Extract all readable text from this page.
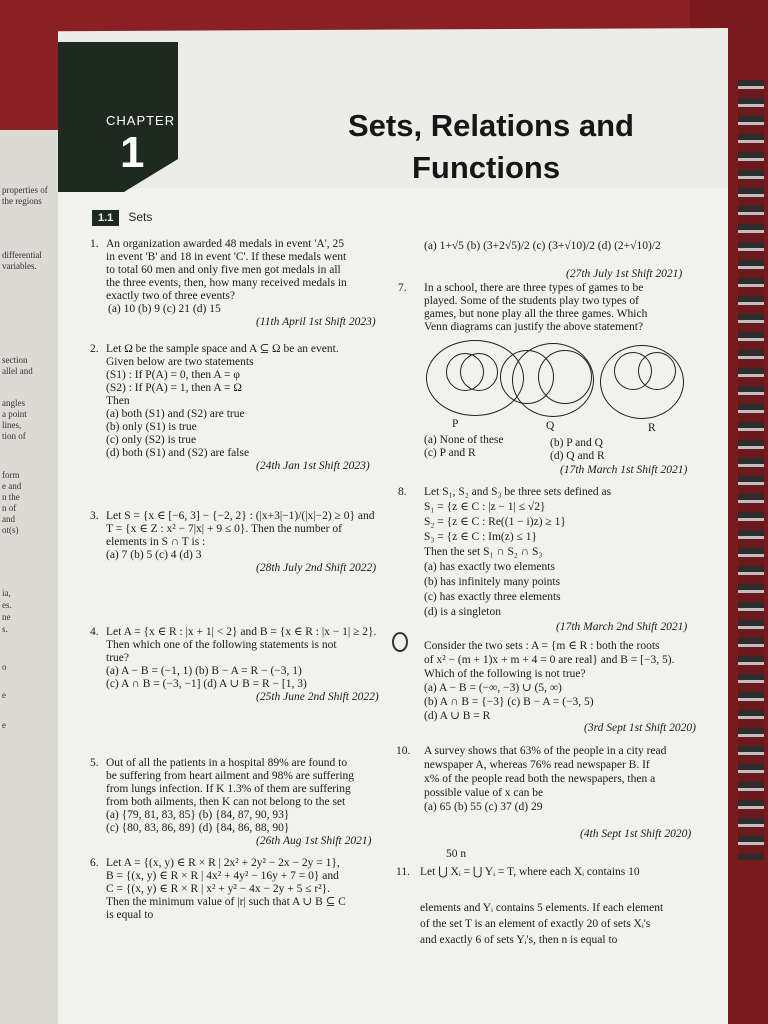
properties of
the regions
differential
variables.
section
allel and
angles
a point
lines,
tion of
form
e and
n the
n of
and
ot(s)
ia,
es.
ne
s.
o
e
e
CHAPTER
1
Sets, Relations and
Functions
1.1 Sets
1. An organization awarded 48 medals in event 'A', 25
in event 'B' and 18 in event 'C'. If these medals went
to total 60 men and only five men got medals in all
the three events, then, how many received medals in
exactly two of three events?
(a) 10 (b) 9 (c) 21 (d) 15
(11th April 1st Shift 2023)
2. Let Ω be the sample space and A ⊆ Ω be an event.
Given below are two statements
(S1) : If P(A) = 0, then A = φ
(S2) : If P(A) = 1, then A = Ω
Then
(a) both (S1) and (S2) are true
(b) only (S1) is true
(c) only (S2) is true
(d) both (S1) and (S2) are false
(24th Jan 1st Shift 2023)
3. Let S = {x ∈ [−6, 3] − {−2, 2} : (|x+3|−1)/(|x|−2) ≥ 0} and
T = {x ∈ Z : x² − 7|x| + 9 ≤ 0}. Then the number of
elements in S ∩ T is :
(a) 7 (b) 5 (c) 4 (d) 3
(28th July 2nd Shift 2022)
4. Let A = {x ∈ R : |x + 1| < 2} and B = {x ∈ R : |x − 1| ≥ 2}.
Then which one of the following statements is not
true?
(a) A − B = (−1, 1) (b) B − A = R − (−3, 1)
(c) A ∩ B = (−3, −1] (d) A ∪ B = R − [1, 3)
(25th June 2nd Shift 2022)
5. Out of all the patients in a hospital 89% are found to
be suffering from heart ailment and 98% are suffering
from lungs infection. If K 1.3% of them are suffering
from both ailments, then K can not belong to the set
(a) {79, 81, 83, 85} (b) {84, 87, 90, 93}
(c) {80, 83, 86, 89} (d) {84, 86, 88, 90}
(26th Aug 1st Shift 2021)
6. Let A = {(x, y) ∈ R × R | 2x² + 2y² − 2x − 2y = 1},
B = {(x, y) ∈ R × R | 4x² + 4y² − 16y + 7 = 0} and
C = {(x, y) ∈ R × R | x² + y² − 4x − 2y + 5 ≤ r²}.
Then the minimum value of |r| such that A ∪ B ⊆ C
is equal to
(a) 1+√5 (b) (3+2√5)/2 (c) (3+√10)/2 (d) (2+√10)/2
(27th July 1st Shift 2021)
7. In a school, there are three types of games to be
played. Some of the students play two types of
games, but none play all the three games. Which
Venn diagrams can justify the above statement?
P	Q	R
(a) None of these	(b) P and Q
(c) P and R	(d) Q and R
(17th March 1st Shift 2021)
8. Let S₁, S₂ and S₃ be three sets defined as
S₁ = {z ∈ C : |z − 1| ≤ √2}
S₂ = {z ∈ C : Re((1 − i)z) ≥ 1}
S₃ = {z ∈ C : Im(z) ≤ 1}
Then the set S₁ ∩ S₂ ∩ S₃
(a) has exactly two elements
(b) has infinitely many points
(c) has exactly three elements
(d) is a singleton
(17th March 2nd Shift 2021)
Consider the two sets : A = {m ∈ R : both the roots
of x² − (m + 1)x + m + 4 = 0 are real} and B = [−3, 5).
Which of the following is not true?
(a) A − B = (−∞, −3) ∪ (5, ∞)
(b) A ∩ B = {−3} (c) B − A = (−3, 5)
(d) A ∪ B = R
(3rd Sept 1st Shift 2020)
10. A survey shows that 63% of the people in a city read
newspaper A, whereas 76% read newspaper B. If
x% of the people read both the newspapers, then a
possible value of x can be
(a) 65 (b) 55 (c) 37 (d) 29
(4th Sept 1st Shift 2020)
50 n
11. Let ⋃ Xᵢ = ⋃ Yᵢ = T, where each Xᵢ contains 10
elements and Yᵢ contains 5 elements. If each element
of the set T is an element of exactly 20 of sets Xᵢ's
and exactly 6 of sets Yᵢ's, then n is equal to
